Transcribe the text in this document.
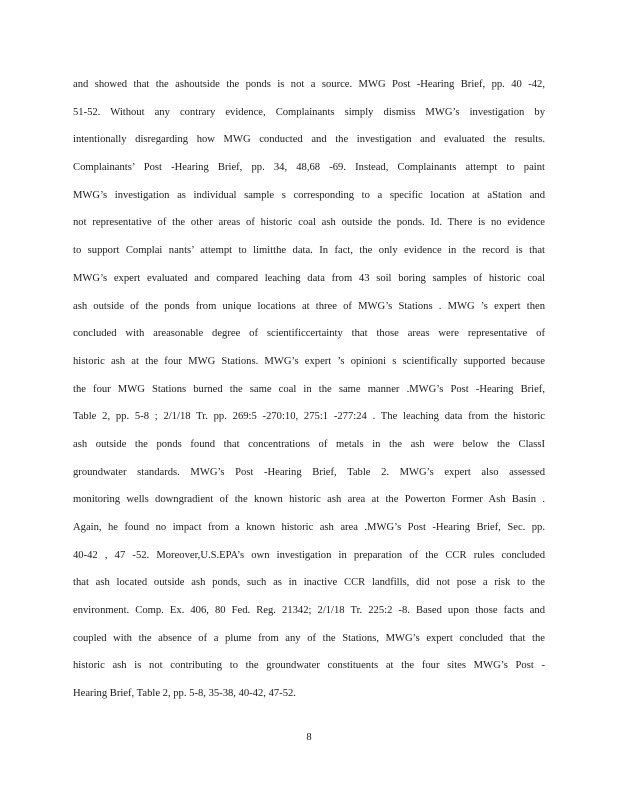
and showed that the ashoutside the ponds is not a source. MWG Post -Hearing Brief, pp. 40 -42,
51-52. Without any contrary evidence, Complainants simply dismiss MWG’s investigation by
intentionally disregarding how MWG conducted and the investigation and evaluated the results.
Complainants’ Post -Hearing Brief, pp. 34, 48,68 -69. Instead, Complainants attempt to paint
MWG’s investigation as individual sample s corresponding to a specific location at aStation and
not representative of the other areas of historic coal ash outside the ponds. Id. There is no evidence
to support Complai nants’ attempt to limitthe data. In fact, the only evidence in the record is that
MWG’s expert evaluated and compared leaching data from 43 soil boring samples of historic coal
ash outside of the ponds from unique locations at three of MWG’s Stations . MWG ’s expert then
concluded with areasonable degree of scientificcertainty that those areas were representative of
historic ash at the four MWG Stations. MWG’s expert ’s opinioni s scientifically supported because
the four MWG Stations burned the same coal in the same manner .MWG’s Post -Hearing Brief,
Table 2, pp. 5-8 ; 2/1/18 Tr. pp. 269:5 -270:10, 275:1 -277:24 . The leaching data from the historic
ash outside the ponds found that concentrations of metals in the ash were below the ClassI
groundwater standards. MWG’s Post -Hearing Brief, Table 2. MWG’s expert also assessed
monitoring wells downgradient of the known historic ash area at the Powerton Former Ash Basin .
Again, he found no impact from a known historic ash area .MWG’s Post -Hearing Brief, Sec. pp.
40-42 , 47 -52. Moreover,U.S.EPA’s own investigation in preparation of the CCR rules concluded
that ash located outside ash ponds, such as in inactive CCR landfills, did not pose a risk to the
environment. Comp. Ex. 406, 80 Fed. Reg. 21342; 2/1/18 Tr. 225:2 -8. Based upon those facts and
coupled with the absence of a plume from any of the Stations, MWG’s expert concluded that the
historic ash is not contributing to the groundwater constituents at the four sites MWG’s Post -
Hearing Brief, Table 2, pp. 5-8, 35-38, 40-42, 47-52.
8
